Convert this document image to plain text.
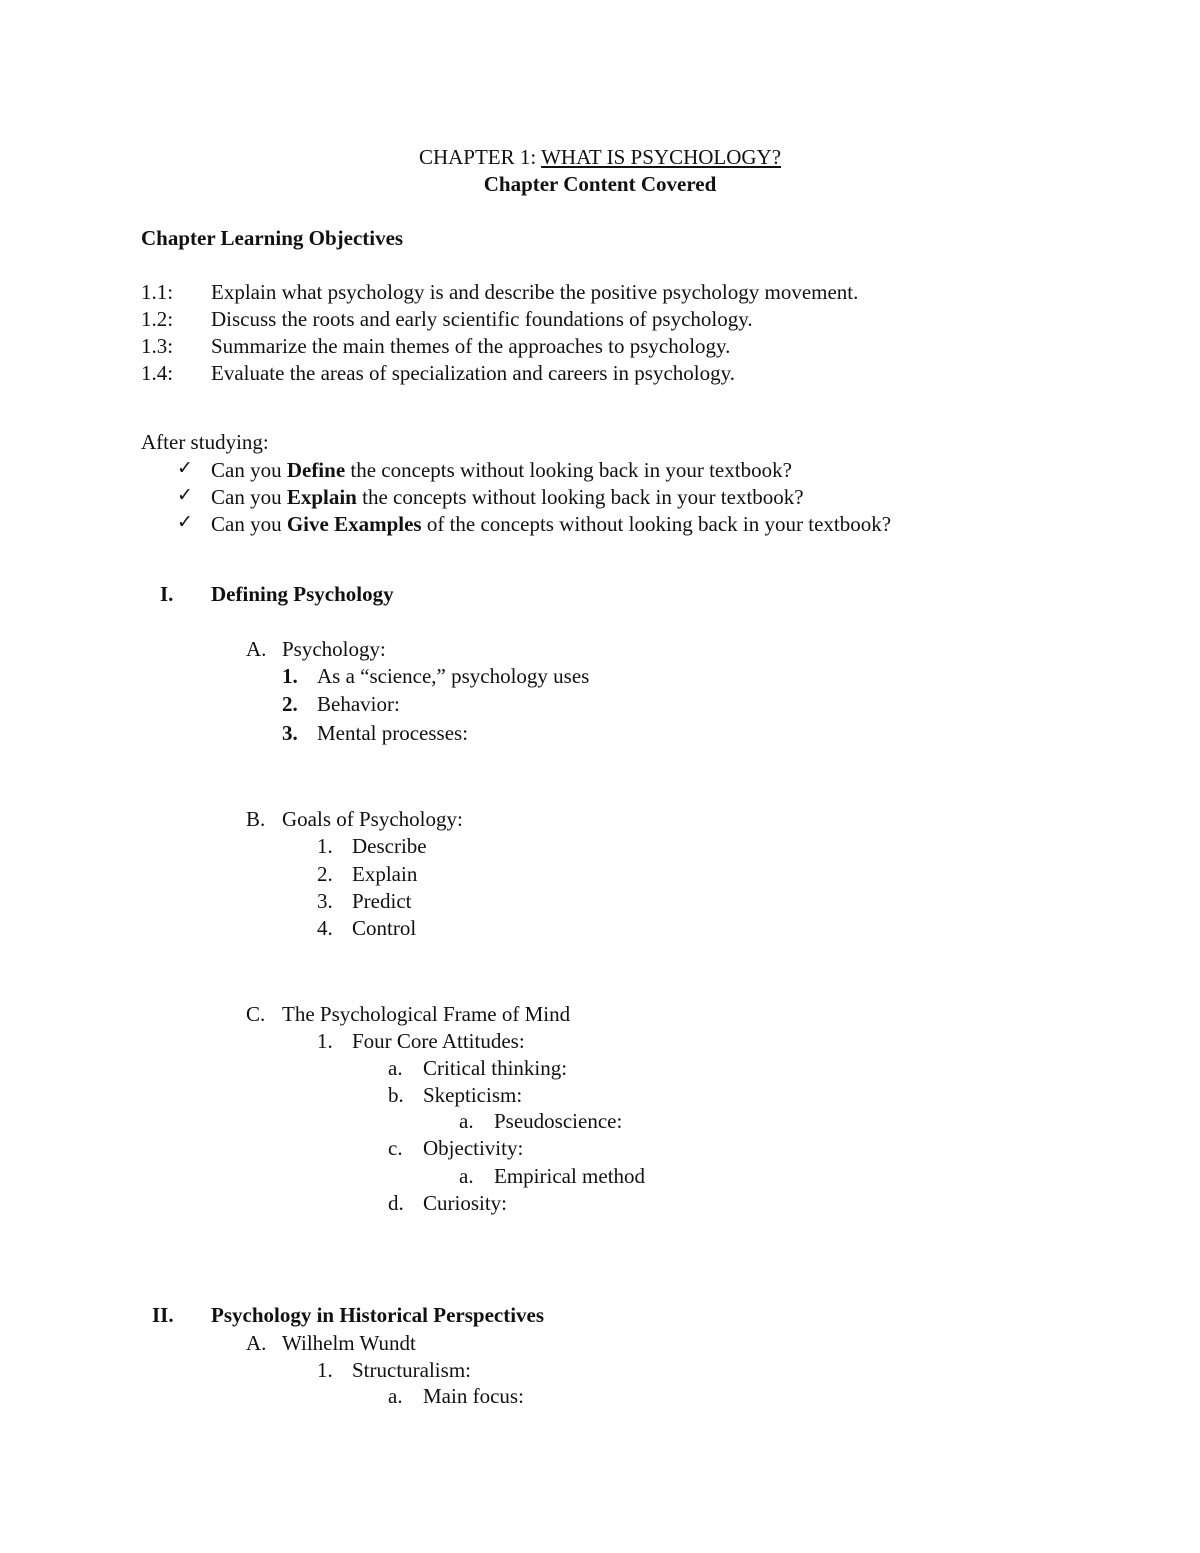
CHAPTER 1: WHAT IS PSYCHOLOGY?
Chapter Content Covered
Chapter Learning Objectives
1.1: Explain what psychology is and describe the positive psychology movement.
1.2: Discuss the roots and early scientific foundations of psychology.
1.3: Summarize the main themes of the approaches to psychology.
1.4: Evaluate the areas of specialization and careers in psychology.
After studying:
✓ Can you Define the concepts without looking back in your textbook?
✓ Can you Explain the concepts without looking back in your textbook?
✓ Can you Give Examples of the concepts without looking back in your textbook?
I. Defining Psychology
A. Psychology:
1. As a “science,” psychology uses
2. Behavior:
3. Mental processes:
B. Goals of Psychology:
1. Describe
2. Explain
3. Predict
4. Control
C. The Psychological Frame of Mind
1. Four Core Attitudes:
a. Critical thinking:
b. Skepticism:
a. Pseudoscience:
c. Objectivity:
a. Empirical method
d. Curiosity:
II. Psychology in Historical Perspectives
A. Wilhelm Wundt
1. Structuralism:
a. Main focus:
